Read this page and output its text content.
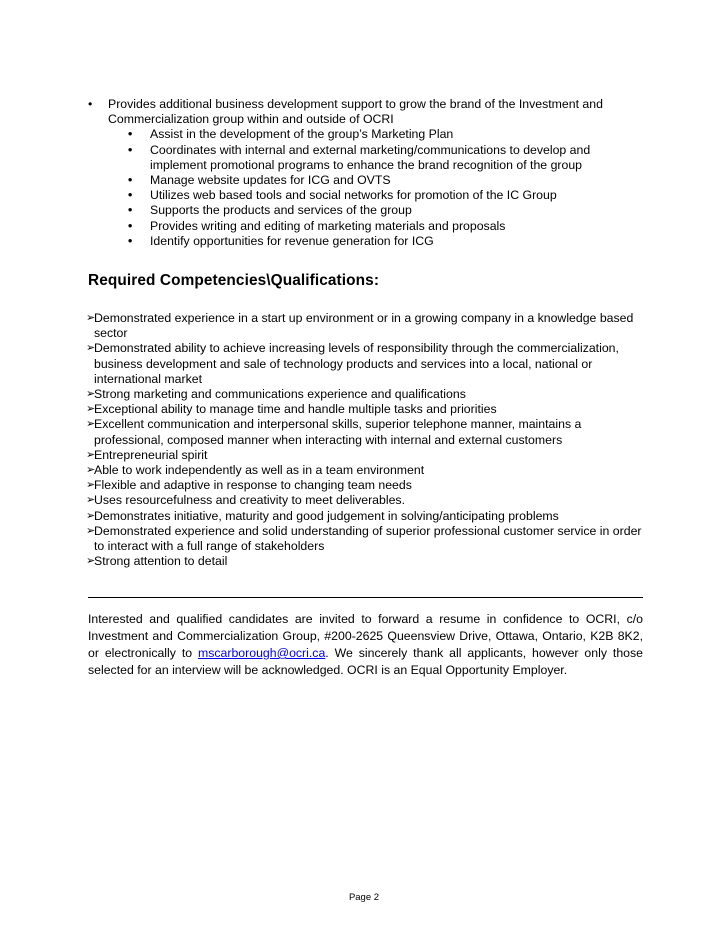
•	Provides additional business development support to grow the brand of the Investment and Commercialization group within and outside of OCRI
•	Assist in the development of the group’s Marketing Plan
•	Coordinates with internal and external marketing/communications to develop and implement promotional programs to enhance the brand recognition of the group
•	Manage website updates for ICG and OVTS
•	Utilizes web based tools and social networks for promotion of the IC Group
•	Supports the products and services of the group
•	Provides writing and editing of marketing materials and proposals
•	Identify opportunities for revenue generation for ICG
Required Competencies\Qualifications:
➢
Demonstrated experience in a start up environment or in a growing company in a knowledge based sector
➢
Demonstrated ability to achieve increasing levels of responsibility through the commercialization, business development and sale of technology products and services into a local, national or international market
➢
Strong marketing and communications experience and qualifications
➢
Exceptional ability to manage time and handle multiple tasks and priorities
➢
Excellent communication and interpersonal skills, superior telephone manner, maintains a professional, composed manner when interacting with internal and external customers
➢
Entrepreneurial spirit
➢
Able to work independently as well as in a team environment
➢
Flexible and adaptive in response to changing team needs
➢
Uses resourcefulness and creativity to meet deliverables.
➢
Demonstrates initiative, maturity and good judgement in solving/anticipating problems
➢
Demonstrated experience and solid understanding of superior professional customer service in order to interact with a full range of stakeholders
➢
Strong attention to detail

Interested and qualified candidates are invited to forward a resume in confidence to OCRI, c/o Investment and Commercialization Group, #200-2625 Queensview Drive, Ottawa, Ontario, K2B 8K2, or electronically to mscarborough@ocri.ca. We sincerely thank all applicants, however only those selected for an interview will be acknowledged. OCRI is an Equal Opportunity Employer.

Page 2
